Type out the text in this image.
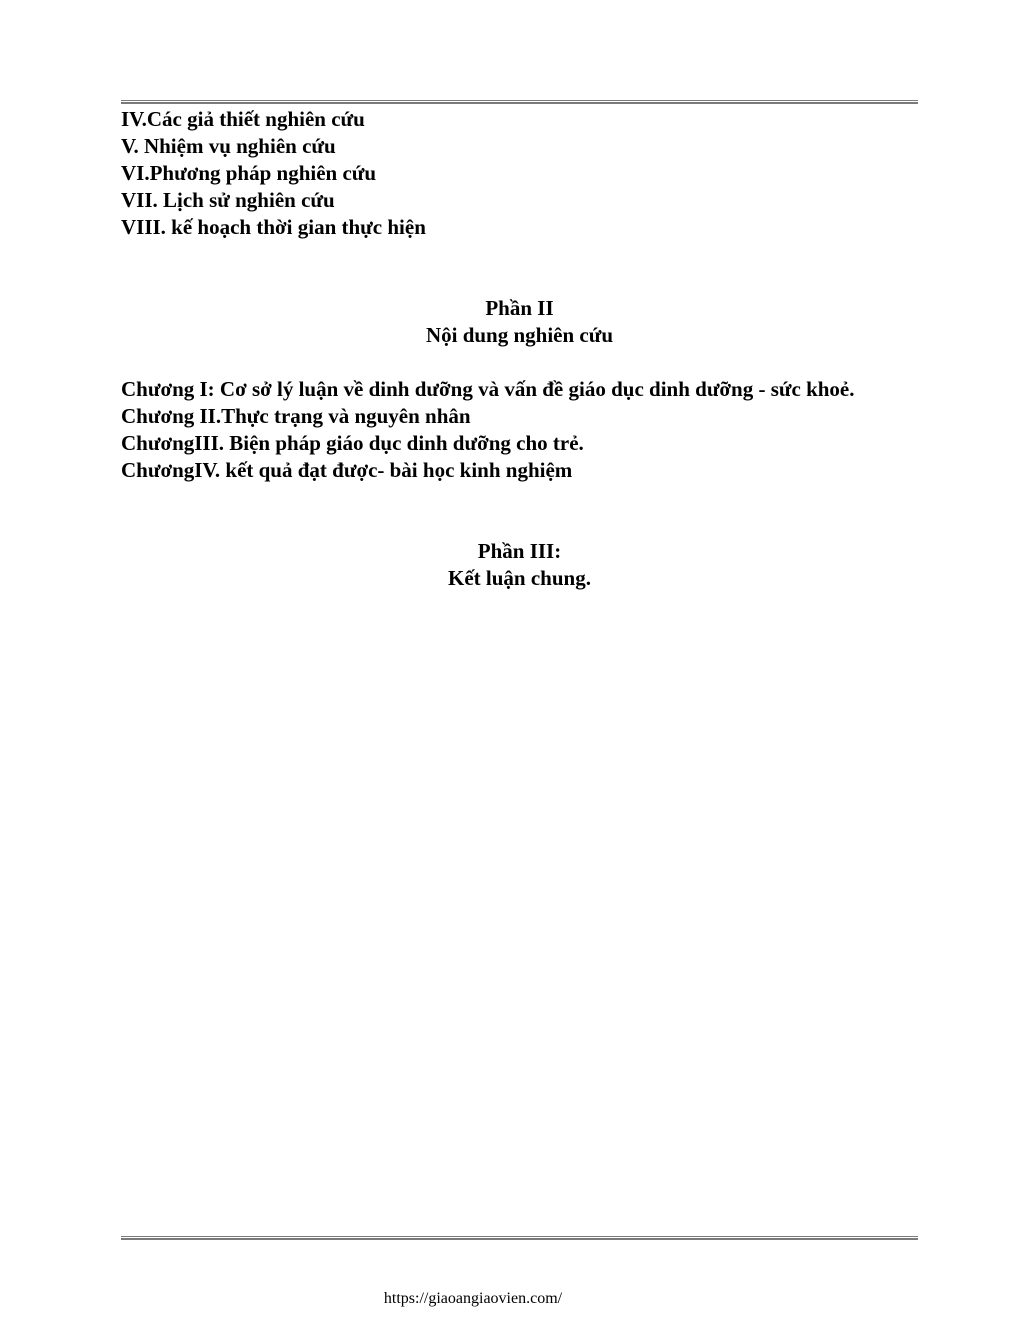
IV.Các giả thiết nghiên cứu
V. Nhiệm vụ nghiên cứu
VI.Phương pháp nghiên cứu
VII. Lịch sử nghiên cứu
VIII. kế hoạch thời gian thực hiện
Phần II
Nội dung nghiên cứu
Chương I: Cơ sở lý luận về dinh dưỡng và vấn đề giáo dục dinh dưỡng - sức khoẻ.
Chương II.Thực trạng và nguyên nhân
ChươngIII. Biện pháp giáo dục dinh dưỡng cho trẻ.
ChươngIV. kết quả đạt được- bài học kinh nghiệm
Phần III:
Kết luận chung.
https://giaoangiaovien.com/
